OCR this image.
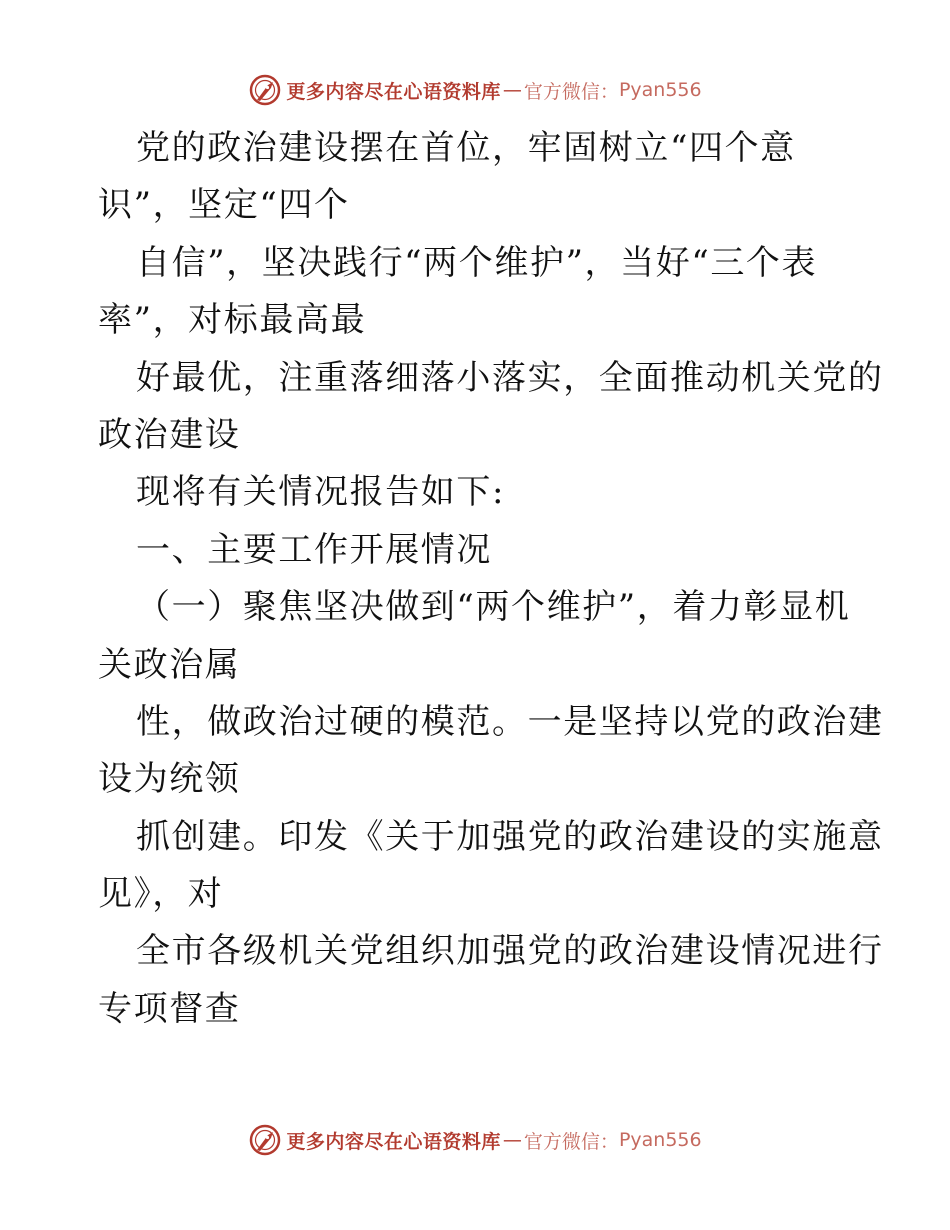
更多内容尽在心语资料库 — 官方微信： Pyan556
党的政治建设摆在首位，牢固树立“四个意
识”，坚定“四个
自信”，坚决践行“两个维护”，当好“三个表
率”，对标最高最
好最优，注重落细落小落实，全面推动机关党的
政治建设
现将有关情况报告如下:
一、主要工作开展情况
（一）聚焦坚决做到“两个维护”，着力彰显机
关政治属
性，做政治过硬的模范。一是坚持以党的政治建
设为统领
抓创建。印发《关于加强党的政治建设的实施意
见》，对
全市各级机关党组织加强党的政治建设情况进行
专项督查
更多内容尽在心语资料库 — 官方微信： Pyan556
